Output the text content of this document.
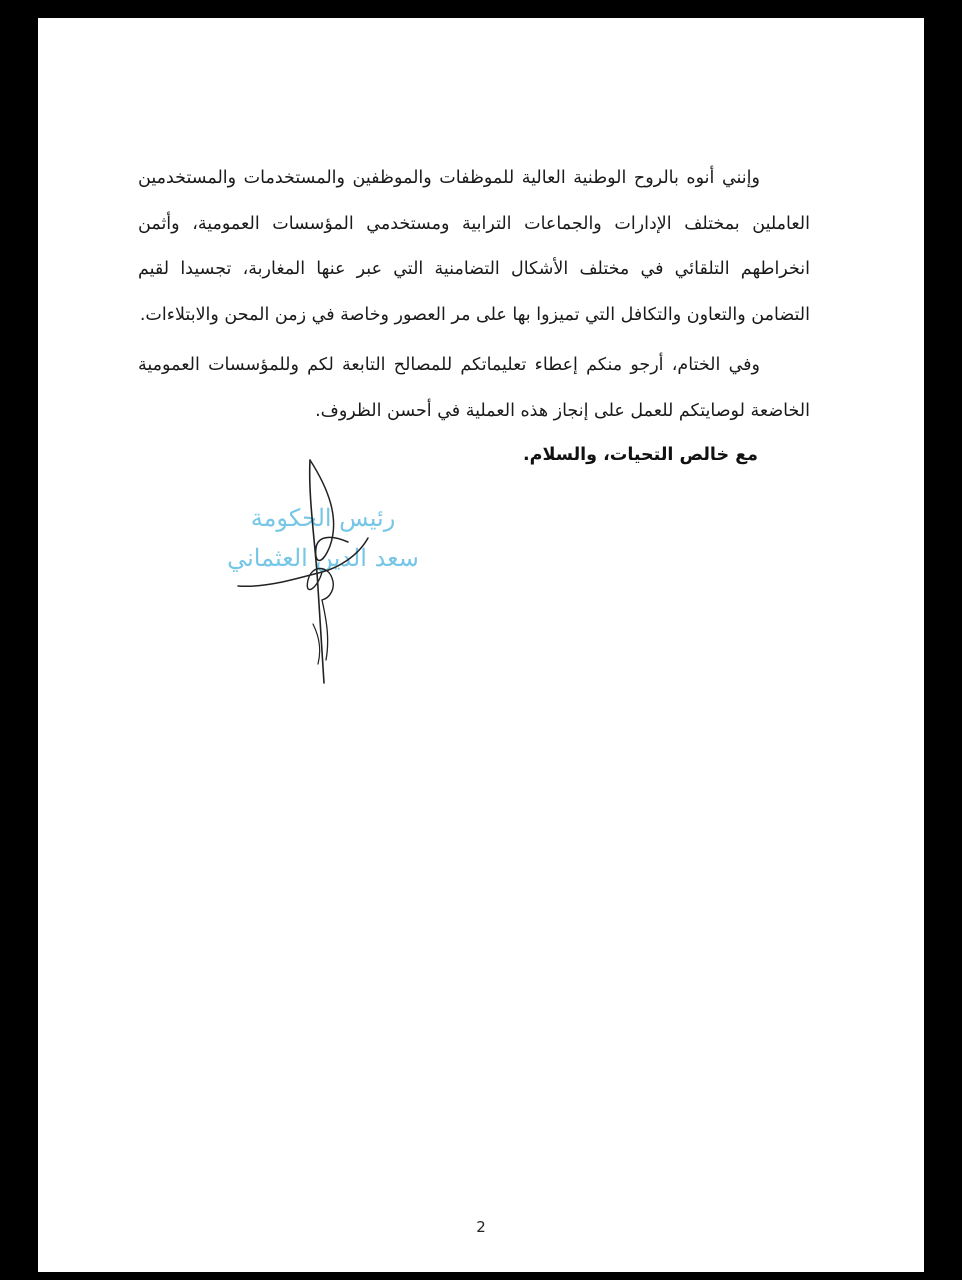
وإنني أنوه بالروح الوطنية العالية للموظفات والموظفين والمستخدمات والمستخدمين العاملين بمختلف الإدارات والجماعات الترابية ومستخدمي المؤسسات العمومية، وأثمن انخراطهم التلقائي في مختلف الأشكال التضامنية التي عبر عنها المغاربة، تجسيدا لقيم التضامن والتعاون والتكافل التي تميزوا بها على مر العصور وخاصة في زمن المحن والابتلاءات.

وفي الختام، أرجو منكم إعطاء تعليماتكم للمصالح التابعة لكم وللمؤسسات العمومية الخاضعة لوصايتكم للعمل على إنجاز هذه العملية في أحسن الظروف.

مع خالص التحيات، والسلام.
رئيس الحكومة
سعد الدين العثماني
2
